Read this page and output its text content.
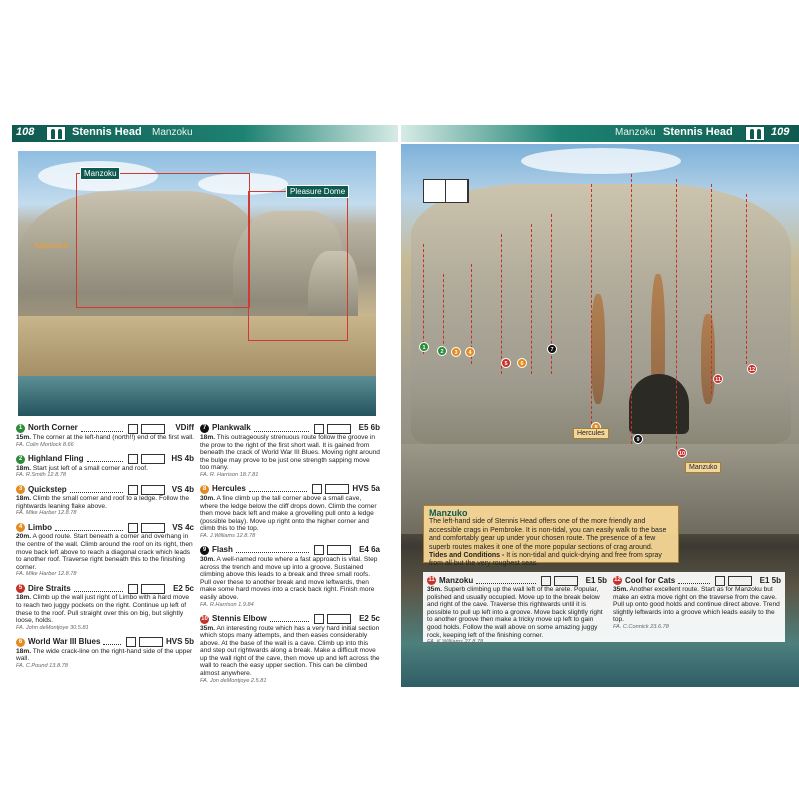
108	Stennis Head Manzoku
Manzoku
Pleasure Dome
Approach
1 North Corner	VDiff
15m. The corner at the left-hand (north!!) end of the first wall.
FA. Colin Mortlock 8.66
2 Highland Fling	HS 4b
18m. Start just left of a small corner and roof.
FA. R.Smith 12.8.78
3 Quickstep	VS 4b
18m. Climb the small corner and roof to a ledge. Follow the rightwards leaning flake above.
FA. Mike Harber 12.8.78
4 Limbo	VS 4c
20m. A good route. Start beneath a corner and overhang in the centre of the wall. Climb around the roof on its right, then move back left above to reach a diagonal crack which leads to another roof. Traverse right beneath this to the finishing corner.
FA. Mike Harber 12.8.78
5 Dire Straits	E2 5c
18m. Climb up the wall just right of Limbo with a hard move to reach two juggy pockets on the right. Continue up left of these to the roof. Pull straight over this on big, but slightly loose, holds.
FA. John deMontjoye 30.5.81
6 World War III Blues	HVS 5b
18m. The wide crack-line on the right-hand side of the upper wall.
FA. C.Pound 13.8.78
7 Plankwalk	E5 6b
18m. This outrageously strenuous route follow the groove in the prow to the right of the first short wall. It is gained from beneath the crack of World War III Blues. Moving right around the bulge may prove to be just one strength sapping move too many.
FA. R. Harrison 18.7.81
8 Hercules	HVS 5a
30m. A fine climb up the tall corner above a small cave, where the ledge below the cliff drops down. Climb the corner then move back left and make a grovelling pull onto a ledge (possible belay). Move up right onto the higher corner and climb this to the top.
FA. J.Williams 12.8.78
9 Flash	E4 6a
30m. A well-named route where a fast approach is vital. Step across the trench and move up into a groove. Sustained climbing above this leads to a break and three small roofs. Pull over these to another break and move leftwards, then make some hard moves into a crack back right. Finish more easily above.
FA. R.Harrison 1.9.84
10 Stennis Elbow	E2 5c
35m. An interesting route which has a very hard initial section which stops many attempts, and then eases considerably above. At the base of the wall is a cave. Climb up into this and step out rightwards along a break. Make a difficult move up the wall right of the cave, then move up and left across the wall to reach the easy upper section. This can be climbed almost anywhere.
FA. Jon deMontjoye 2.5.81
Manzoku Stennis Head	109
1
2	3	4
5	6
7
9
10
11
12
Hercules
Manzuko
Manzuko
The left-hand side of Stennis Head offers one of the more friendly and accessible crags in Pembroke. It is non-tidal, you can easily walk to the base and comfortably gear up under your chosen route. The presence of a few superb routes makes it one of the more popular sections of crag around.
Tides and Conditions - It is non-tidal and quick-drying and free from spray from all but the very roughest seas.
11 Manzoku	E1 5b
35m. Superb climbing up the wall left of the arete. Popular, polished and usually occupied. Move up to the break below and right of the cave. Traverse this rightwards until it is possible to pull up left into a groove. Move back slightly right to another groove then make a tricky move up left to gain good holds. Follow the wall above on some amazing juggy rock, keeping left of the finishing corner.
FA. K.Williams 27.8.78
12 Cool for Cats	E1 5b
35m. Another excellent route. Start as for Manzoku but make an extra move right on the traverse from the cave. Pull up onto good holds and continue direct above. Trend slightly leftwards into a groove which leads easily to the top.
FA. C.Connick 23.6.78
